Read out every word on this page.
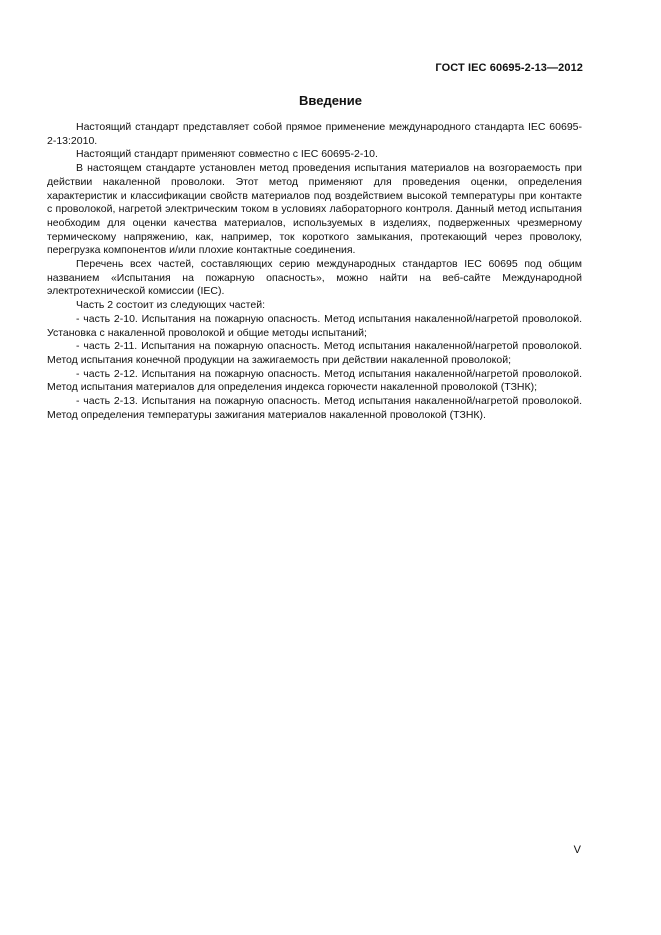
ГОСТ IEC 60695-2-13—2012
Введение

Настоящий стандарт представляет собой прямое применение международного стандарта IEC 60695-2-13:2010.

Настоящий стандарт применяют совместно с IEC 60695-2-10.

В настоящем стандарте установлен метод проведения испытания материалов на возгораемость при действии накаленной проволоки. Этот метод применяют для проведения оценки, определения характеристик и классификации свойств материалов под воздействием высокой температуры при контакте с проволокой, нагретой электрическим током в условиях лабораторного контроля. Данный метод испытания необходим для оценки качества материалов, используемых в изделиях, подверженных чрезмерному термическому напряжению, как, например, ток короткого замыкания, протекающий через проволоку, перегрузка компонентов и/или плохие контактные соединения.

Перечень всех частей, составляющих серию международных стандартов IEC 60695 под общим названием «Испытания на пожарную опасность», можно найти на веб-сайте Международной электротехнической комиссии (IEC).

Часть 2 состоит из следующих частей:

- часть 2-10. Испытания на пожарную опасность. Метод испытания накаленной/нагретой проволокой. Установка с накаленной проволокой и общие методы испытаний;

- часть 2-11. Испытания на пожарную опасность. Метод испытания накаленной/нагретой проволокой. Метод испытания конечной продукции на зажигаемость при действии накаленной проволокой;

- часть 2-12. Испытания на пожарную опасность. Метод испытания накаленной/нагретой проволокой. Метод испытания материалов для определения индекса горючести накаленной проволокой (ТЗНК);

- часть 2-13. Испытания на пожарную опасность. Метод испытания накаленной/нагретой проволокой. Метод определения температуры зажигания материалов накаленной проволокой (ТЗНК).

V
